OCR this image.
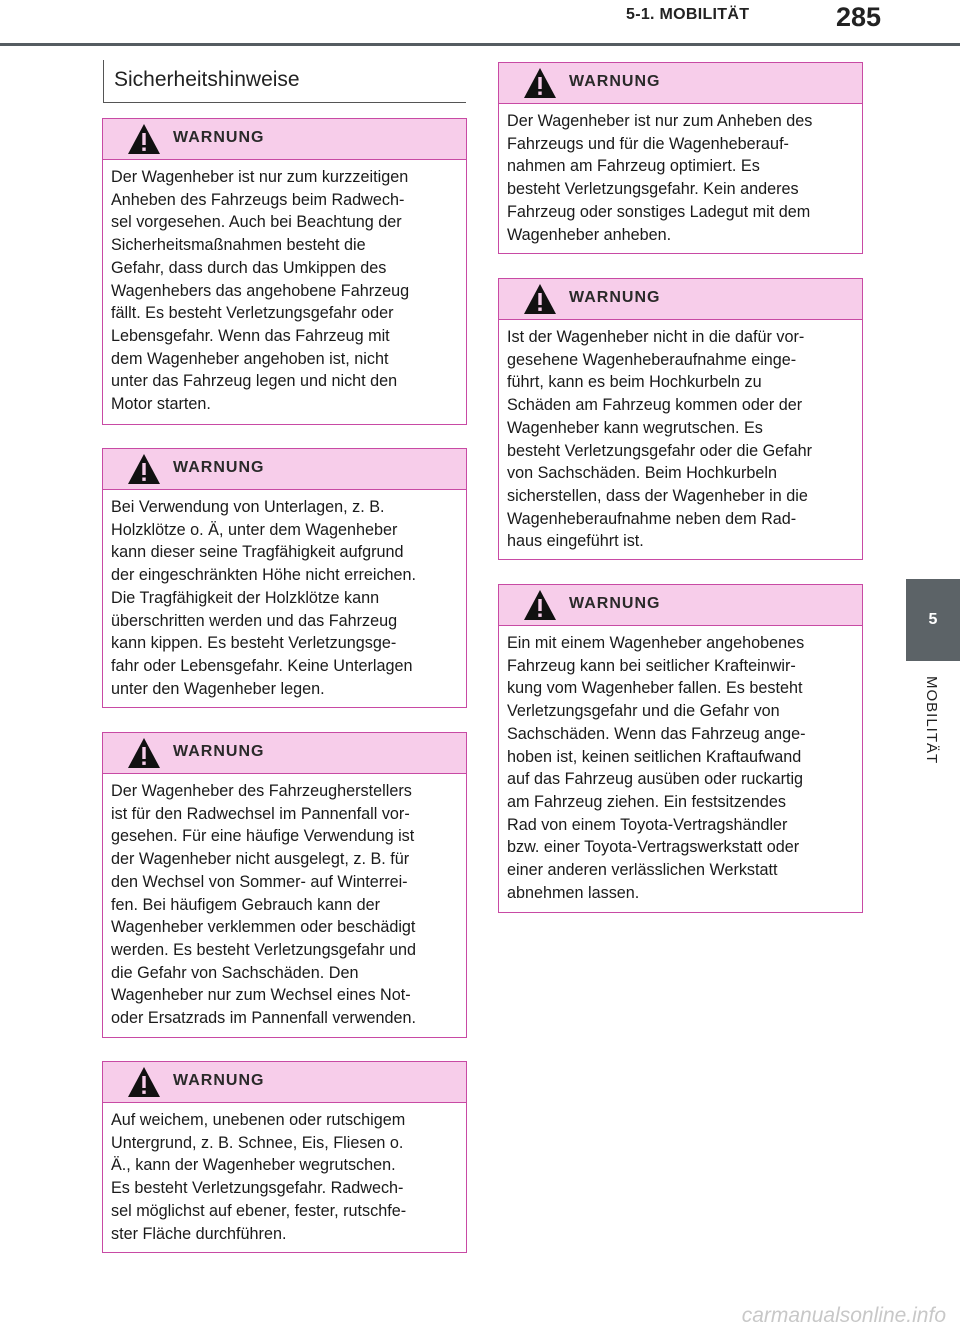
5-1. MOBILITÄT	285
5
MOBILITÄT
Sicherheitshinweise
WARNUNG
Der Wagenheber ist nur zum kurzzeitigen
Anheben des Fahrzeugs beim Radwech-
sel vorgesehen. Auch bei Beachtung der
Sicherheitsmaßnahmen besteht die
Gefahr, dass durch das Umkippen des
Wagenhebers das angehobene Fahrzeug
fällt. Es besteht Verletzungsgefahr oder
Lebensgefahr. Wenn das Fahrzeug mit
dem Wagenheber angehoben ist, nicht
unter das Fahrzeug legen und nicht den
Motor starten.
WARNUNG
Bei Verwendung von Unterlagen, z. B.
Holzklötze o. Ä, unter dem Wagenheber
kann dieser seine Tragfähigkeit aufgrund
der eingeschränkten Höhe nicht erreichen.
Die Tragfähigkeit der Holzklötze kann
überschritten werden und das Fahrzeug
kann kippen. Es besteht Verletzungsge-
fahr oder Lebensgefahr. Keine Unterlagen
unter den Wagenheber legen.
WARNUNG
Der Wagenheber des Fahrzeugherstellers
ist für den Radwechsel im Pannenfall vor-
gesehen. Für eine häufige Verwendung ist
der Wagenheber nicht ausgelegt, z. B. für
den Wechsel von Sommer- auf Winterrei-
fen. Bei häufigem Gebrauch kann der
Wagenheber verklemmen oder beschädigt
werden. Es besteht Verletzungsgefahr und
die Gefahr von Sachschäden. Den
Wagenheber nur zum Wechsel eines Not-
oder Ersatzrads im Pannenfall verwenden.
WARNUNG
Auf weichem, unebenen oder rutschigem
Untergrund, z. B. Schnee, Eis, Fliesen o.
Ä., kann der Wagenheber wegrutschen.
Es besteht Verletzungsgefahr. Radwech-
sel möglichst auf ebener, fester, rutschfe-
ster Fläche durchführen.
WARNUNG
Der Wagenheber ist nur zum Anheben des
Fahrzeugs und für die Wagenheberauf-
nahmen am Fahrzeug optimiert. Es
besteht Verletzungsgefahr. Kein anderes
Fahrzeug oder sonstiges Ladegut mit dem
Wagenheber anheben.
WARNUNG
Ist der Wagenheber nicht in die dafür vor-
gesehene Wagenheberaufnahme einge-
führt, kann es beim Hochkurbeln zu
Schäden am Fahrzeug kommen oder der
Wagenheber kann wegrutschen. Es
besteht Verletzungsgefahr oder die Gefahr
von Sachschäden. Beim Hochkurbeln
sicherstellen, dass der Wagenheber in die
Wagenheberaufnahme neben dem Rad-
haus eingeführt ist.
WARNUNG
Ein mit einem Wagenheber angehobenes
Fahrzeug kann bei seitlicher Krafteinwir-
kung vom Wagenheber fallen. Es besteht
Verletzungsgefahr und die Gefahr von
Sachschäden. Wenn das Fahrzeug ange-
hoben ist, keinen seitlichen Kraftaufwand
auf das Fahrzeug ausüben oder ruckartig
am Fahrzeug ziehen. Ein festsitzendes
Rad von einem Toyota-Vertragshändler
bzw. einer Toyota-Vertragswerkstatt oder
einer anderen verlässlichen Werkstatt
abnehmen lassen.
carmanualsonline.info
